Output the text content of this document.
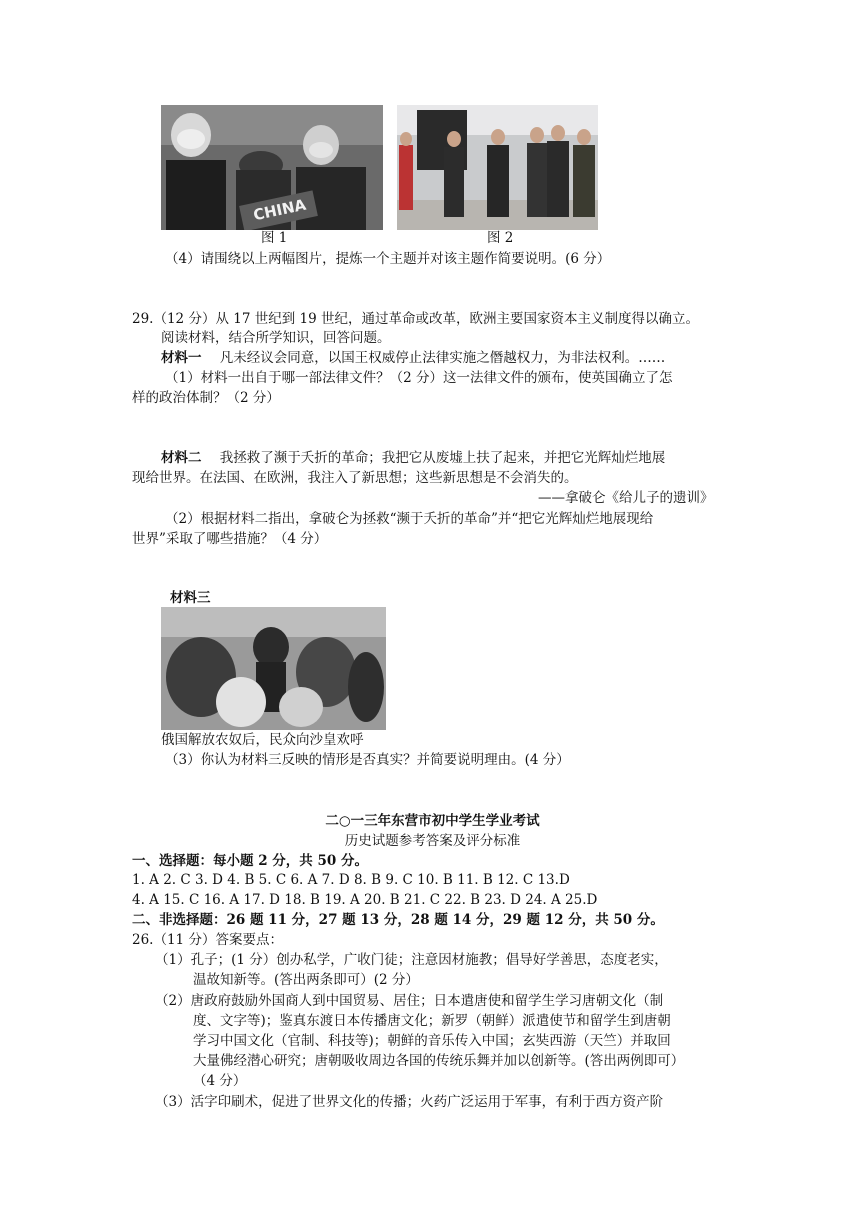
CHINA
图 1	图 2
（4）请围绕以上两幅图片，提炼一个主题并对该主题作简要说明。(6 分）
29.（12 分）从 17 世纪到 19 世纪，通过革命或改革，欧洲主要国家资本主义制度得以确立。
阅读材料，结合所学知识，回答问题。
材料一 凡未经议会同意，以国王权威停止法律实施之僭越权力，为非法权利。……
（1）材料一出自于哪一部法律文件？（2 分）这一法律文件的颁布，使英国确立了怎
样的政治体制？（2 分）
材料二 我拯救了濒于夭折的革命；我把它从废墟上扶了起来，并把它光辉灿烂地展
现给世界。在法国、在欧洲，我注入了新思想；这些新思想是不会消失的。
——拿破仑《给儿子的遗训》
（2）根据材料二指出，拿破仑为拯救“濒于夭折的革命”并“把它光辉灿烂地展现给
世界”采取了哪些措施？（4 分）
材料三
俄国解放农奴后，民众向沙皇欢呼
（3）你认为材料三反映的情形是否真实？并简要说明理由。(4 分）
二○一三年东营市初中学生学业考试
历史试题参考答案及评分标准
一、选择题：每小题 2 分，共 50 分。
1. A 2. C 3. D 4. B 5. C 6. A 7. D 8. B 9. C 10. B 11. B 12. C 13.D
4. A 15. C 16. A 17. D 18. B 19. A 20. B 21. C 22. B 23. D 24. A 25.D
二、非选择题：26 题 11 分，27 题 13 分，28 题 14 分，29 题 12 分，共 50 分。
26.（11 分）答案要点：
（1）孔子；(1 分）创办私学，广收门徒；注意因材施教；倡导好学善思，态度老实，
温故知新等。(答出两条即可）(2 分）
（2）唐政府鼓励外国商人到中国贸易、居住；日本遣唐使和留学生学习唐朝文化（制
度、文字等)；鉴真东渡日本传播唐文化；新罗（朝鲜）派遣使节和留学生到唐朝
学习中国文化（官制、科技等)；朝鲜的音乐传入中国；玄奘西游（天竺）并取回
大量佛经潜心研究；唐朝吸收周边各国的传统乐舞并加以创新等。(答出两例即可）
（4 分）
（3）活字印刷术，促进了世界文化的传播；火药广泛运用于军事，有利于西方资产阶
